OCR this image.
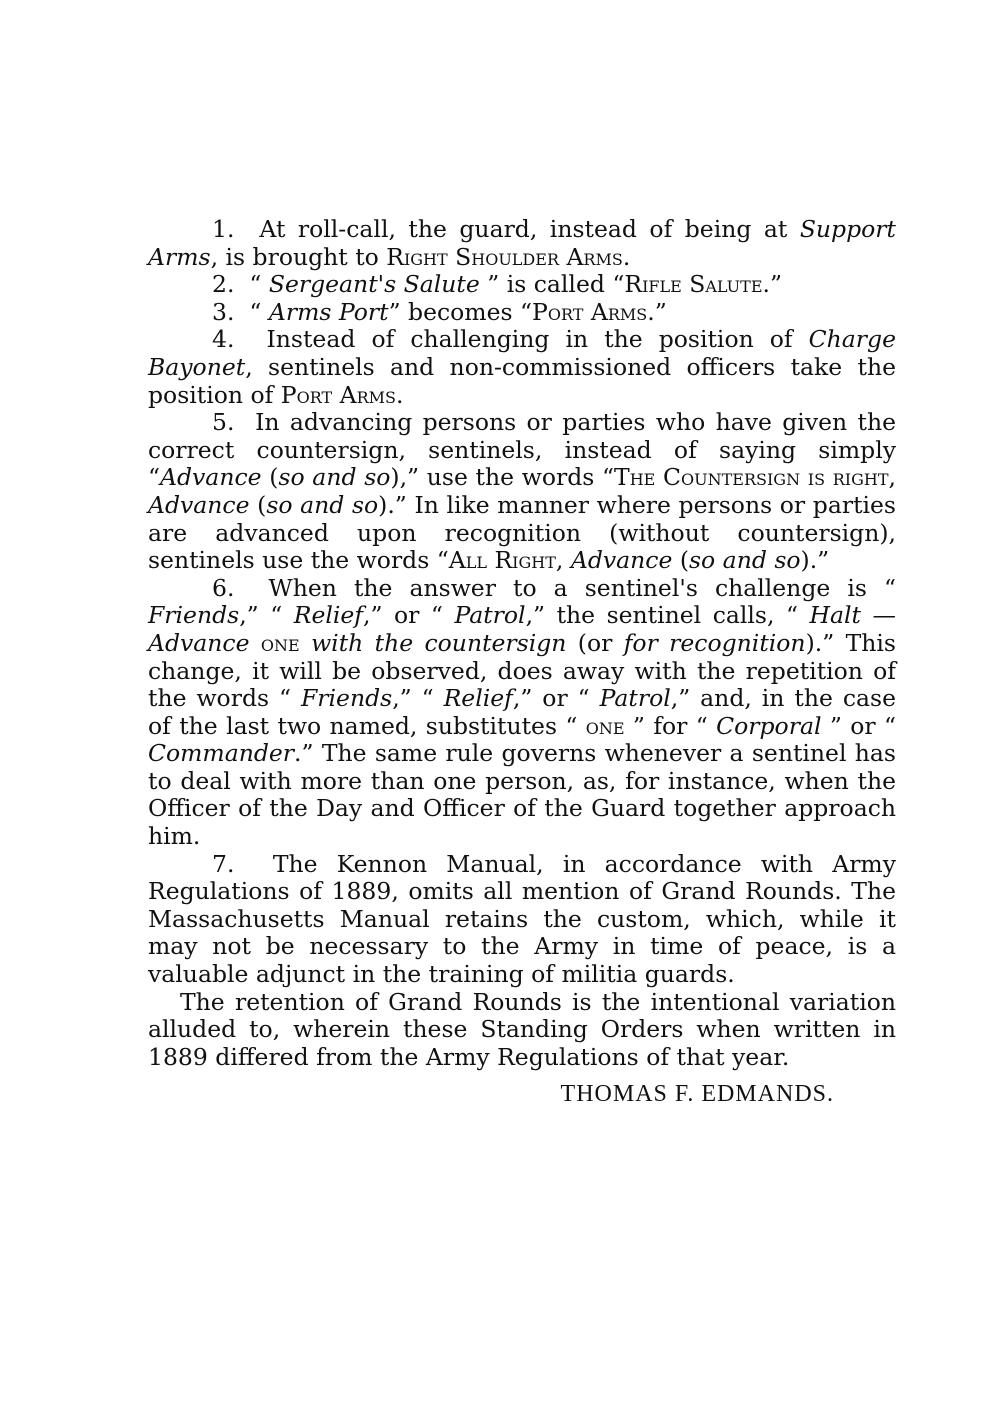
1. At roll-call, the guard, instead of being at Support Arms, is brought to Right Shoulder Arms.

2. “ Sergeant's Salute ” is called “Rifle Salute.”

3. “ Arms Port” becomes “Port Arms.”

4. Instead of challenging in the position of Charge Bayonet, sentinels and non-commissioned officers take the position of Port Arms.

5. In advancing persons or parties who have given the correct countersign, sentinels, instead of saying simply “Advance (so and so),” use the words “The Countersign is right, Advance (so and so).” In like manner where persons or parties are advanced upon recognition (without countersign), sentinels use the words “All Right, Advance (so and so).”

6. When the answer to a sentinel's challenge is “ Friends,” “ Relief,” or “ Patrol,” the sentinel calls, “ Halt — Advance one with the countersign (or for recognition).” This change, it will be observed, does away with the repetition of the words “ Friends,” “ Relief,” or “ Patrol,” and, in the case of the last two named, substitutes “ one ” for “ Corporal ” or “ Commander.” The same rule governs whenever a sentinel has to deal with more than one person, as, for instance, when the Officer of the Day and Officer of the Guard together approach him.

7. The Kennon Manual, in accordance with Army Regulations of 1889, omits all mention of Grand Rounds. The Massachusetts Manual retains the custom, which, while it may not be necessary to the Army in time of peace, is a valuable adjunct in the training of militia guards.

The retention of Grand Rounds is the intentional variation alluded to, wherein these Standing Orders when written in 1889 differed from the Army Regulations of that year.

THOMAS F. EDMANDS.
